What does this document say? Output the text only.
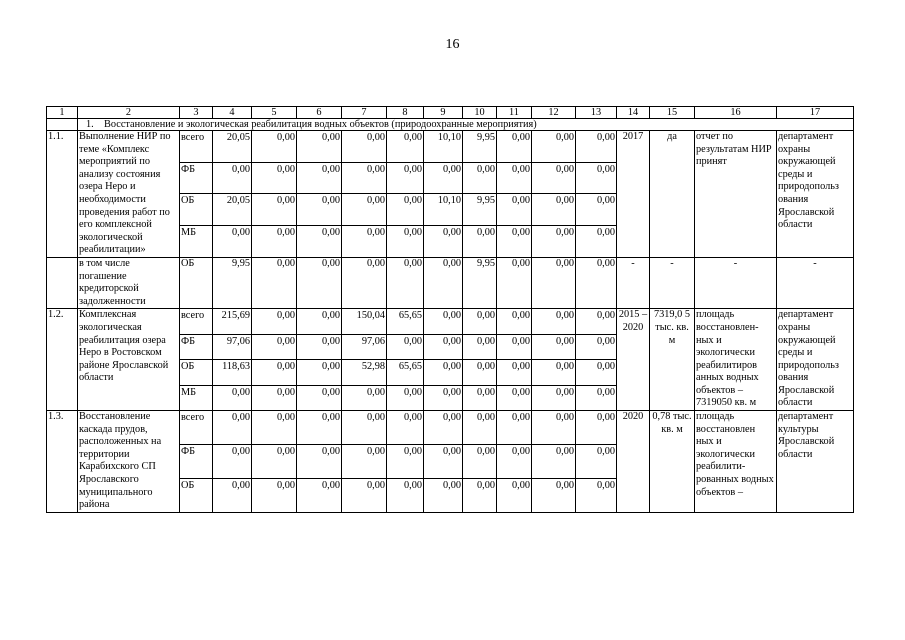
16
1	2	3	4	5	6	7	8	9	10	11	12	13	14	15	16	17
	1.    Восстановление и экологическая реабилитация водных объектов (природоохранные мероприятия)															
1.1.	Выполнение НИР по теме «Комплекс мероприятий по анализу состояния озера Неро и необходимости проведения работ по его комплексной экологической реабилитации»	всего	20,05	0,00	0,00	0,00	0,00	10,10	9,95	0,00	0,00	0,00	2017	да	отчет по результатам НИР принят	департамент охраны окружающей среды и природопольз ования Ярославской области
		ФБ	0,00	0,00	0,00	0,00	0,00	0,00	0,00	0,00	0,00	0,00				
		ОБ	20,05	0,00	0,00	0,00	0,00	10,10	9,95	0,00	0,00	0,00				
		МБ	0,00	0,00	0,00	0,00	0,00	0,00	0,00	0,00	0,00	0,00				
	в том числе погашение кредиторской задолженности	ОБ	9,95	0,00	0,00	0,00	0,00	0,00	9,95	0,00	0,00	0,00	-	-	-	-
1.2.	Комплексная экологическая реабилитация озера Неро в Ростовском районе Ярославской области	всего	215,69	0,00	0,00	150,04	65,65	0,00	0,00	0,00	0,00	0,00	2015 – 2020	7319,0 5 тыс. кв. м	площадь восстановлен-ных и экологически реабилитиров анных водных объектов – 7319050 кв. м	департамент охраны окружающей среды и природопольз ования Ярославской области
		ФБ	97,06	0,00	0,00	97,06	0,00	0,00	0,00	0,00	0,00	0,00				
		ОБ	118,63	0,00	0,00	52,98	65,65	0,00	0,00	0,00	0,00	0,00				
		МБ	0,00	0,00	0,00	0,00	0,00	0,00	0,00	0,00	0,00	0,00				
1.3.	Восстановление каскада прудов, расположенных на территории Карабихского СП Ярославского муниципального района	всего	0,00	0,00	0,00	0,00	0,00	0,00	0,00	0,00	0,00	0,00	2020	0,78 тыс. кв. м	площадь восстановлен ных и экологически реабилити-рованных водных объектов –	департамент культуры Ярославской области
		ФБ	0,00	0,00	0,00	0,00	0,00	0,00	0,00	0,00	0,00	0,00				
		ОБ	0,00	0,00	0,00	0,00	0,00	0,00	0,00	0,00	0,00	0,00				
